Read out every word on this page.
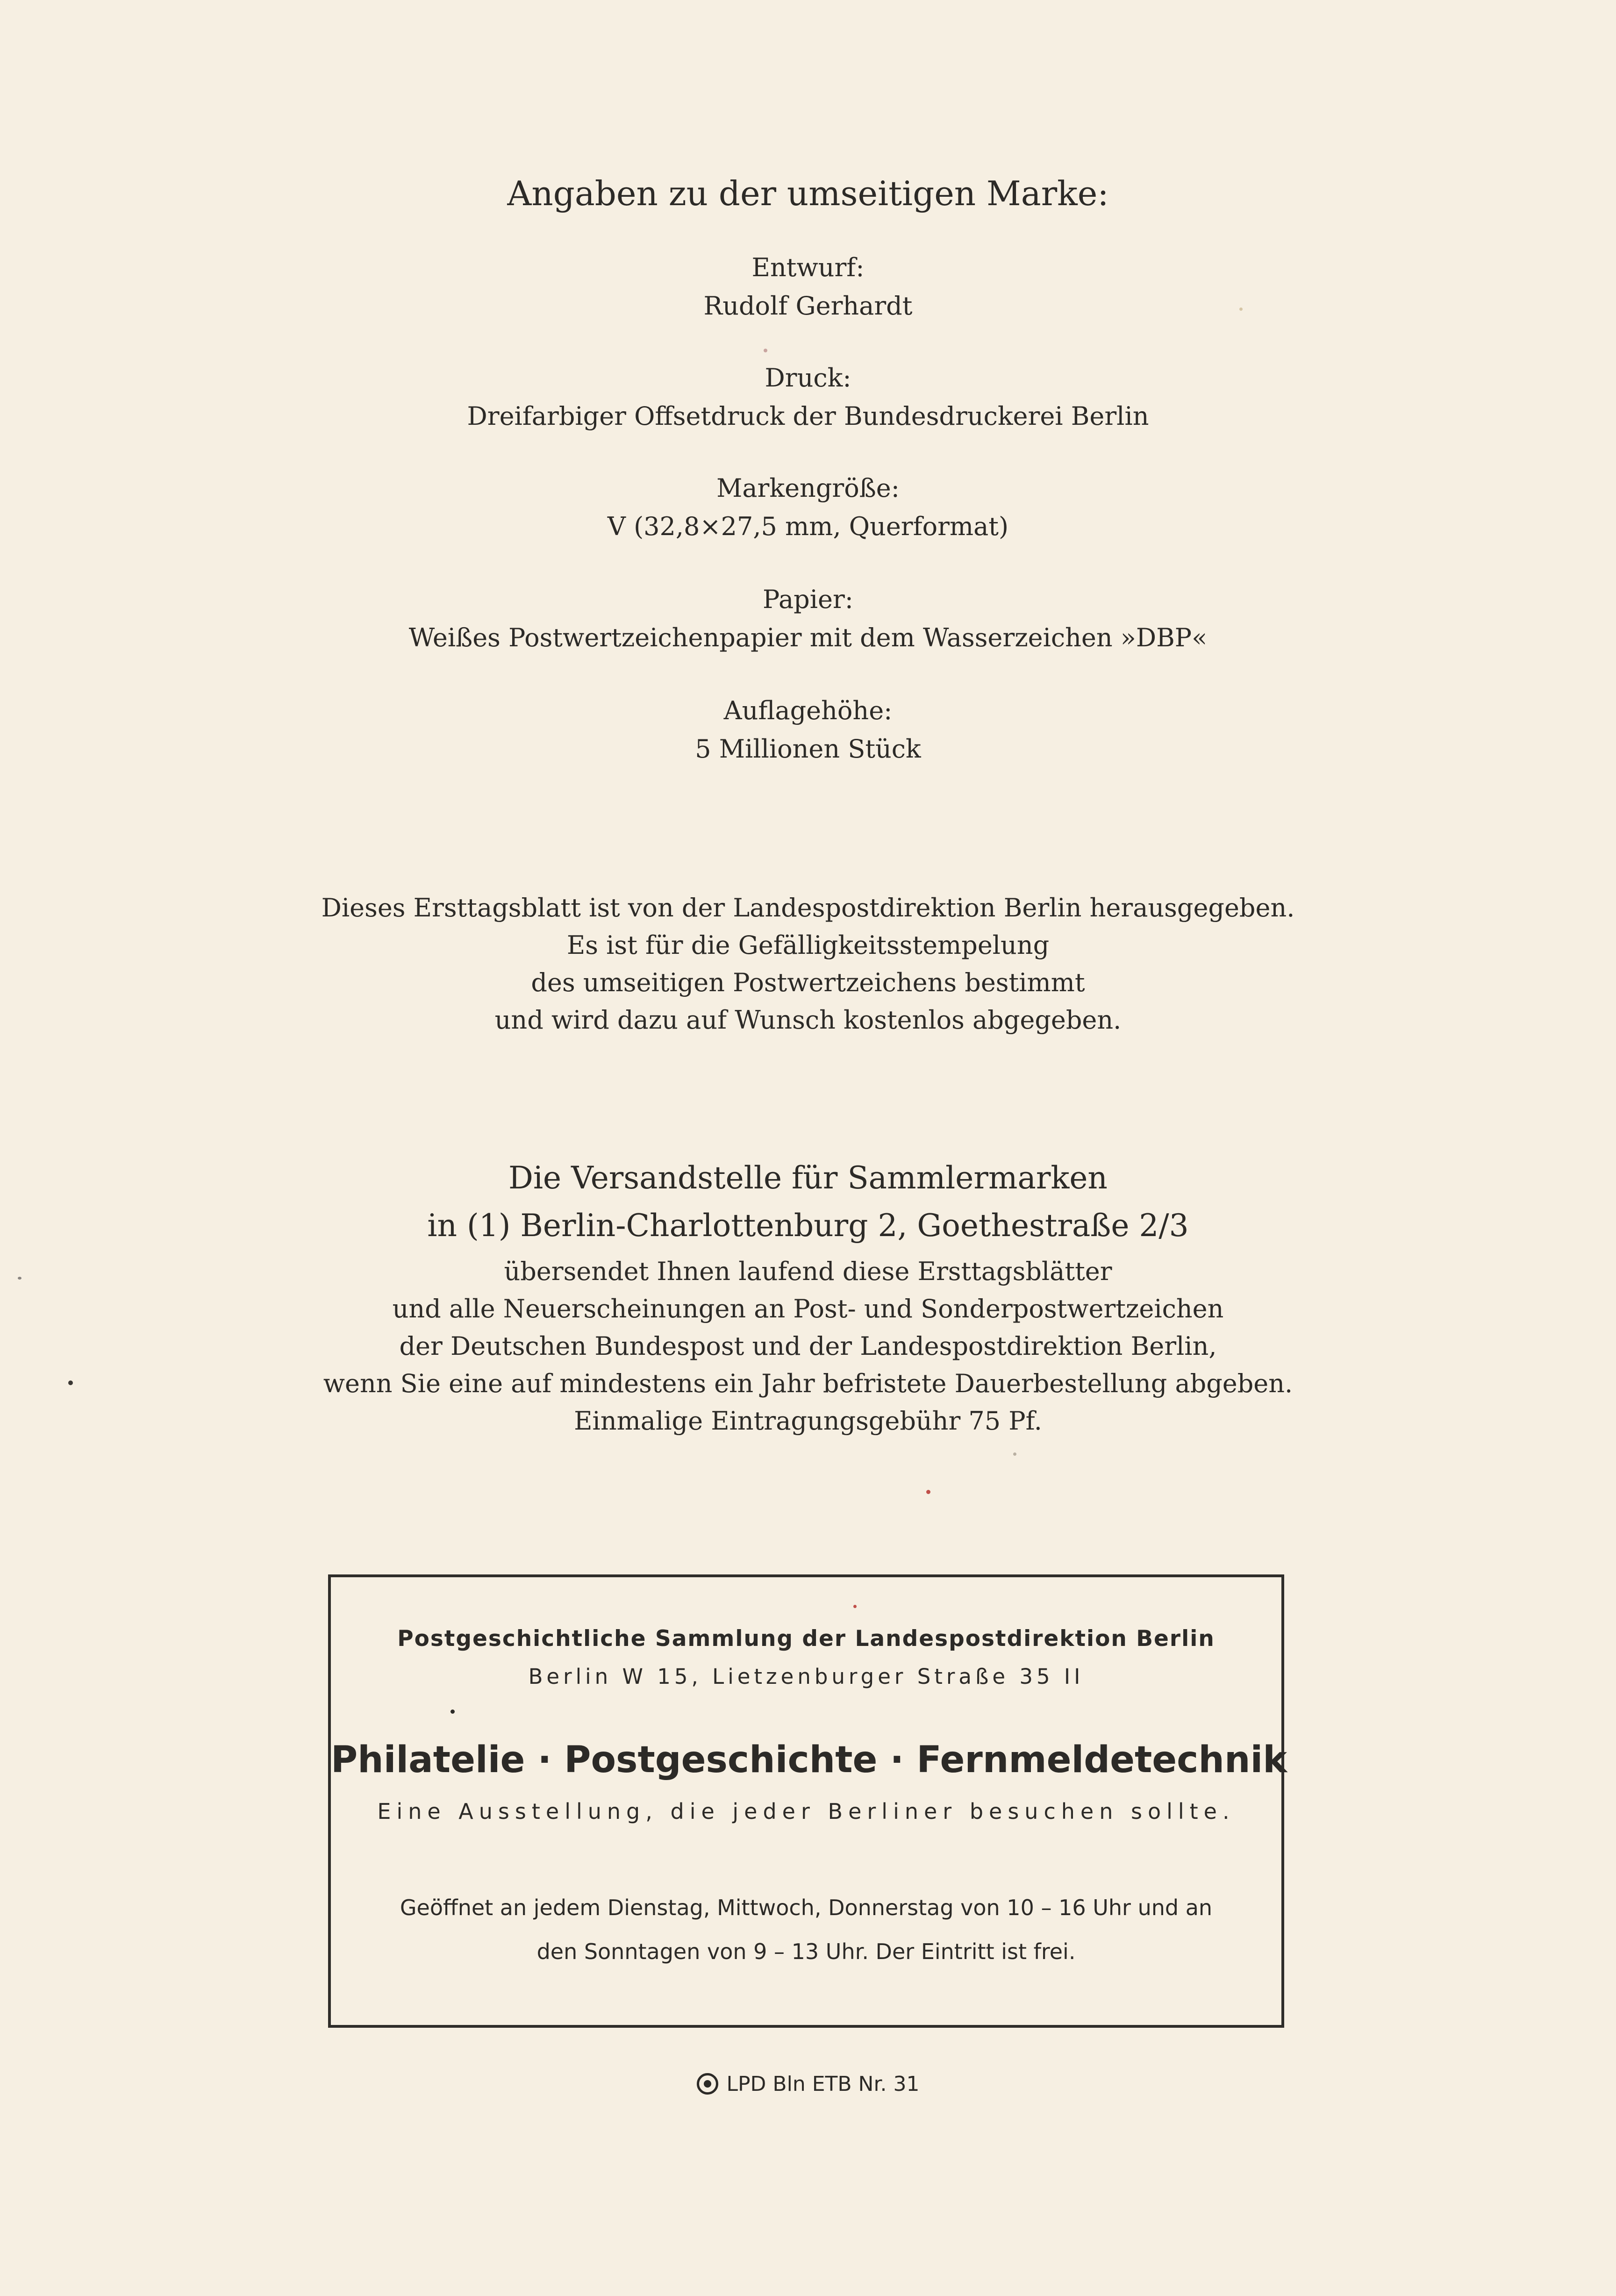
Angaben zu der umseitigen Marke:
Entwurf:
Rudolf Gerhardt
Druck:
Dreifarbiger Offsetdruck der Bundesdruckerei Berlin
Markengröße:
V (32,8×27,5 mm, Querformat)
Papier:
Weißes Postwertzeichenpapier mit dem Wasserzeichen »DBP«
Auflagehöhe:
5 Millionen Stück
Dieses Ersttagsblatt ist von der Landespostdirektion Berlin herausgegeben.
Es ist für die Gefälligkeitsstempelung
des umseitigen Postwertzeichens bestimmt
und wird dazu auf Wunsch kostenlos abgegeben.
Die Versandstelle für Sammlermarken
in (1) Berlin-Charlottenburg 2, Goethestraße 2/3
übersendet Ihnen laufend diese Ersttagsblätter
und alle Neuerscheinungen an Post- und Sonderpostwertzeichen
der Deutschen Bundespost und der Landespostdirektion Berlin,
wenn Sie eine auf mindestens ein Jahr befristete Dauerbestellung abgeben.
Einmalige Eintragungsgebühr 75 Pf.
Postgeschichtliche Sammlung der Landespostdirektion Berlin
Berlin W 15, Lietzenburger Straße 35 II
Philatelie · Postgeschichte · Fernmeldetechnik
Eine Ausstellung, die jeder Berliner besuchen sollte.
Geöffnet an jedem Dienstag, Mittwoch, Donnerstag von 10 – 16 Uhr und an
den Sonntagen von 9 – 13 Uhr. Der Eintritt ist frei.
LPD Bln ETB Nr. 31
